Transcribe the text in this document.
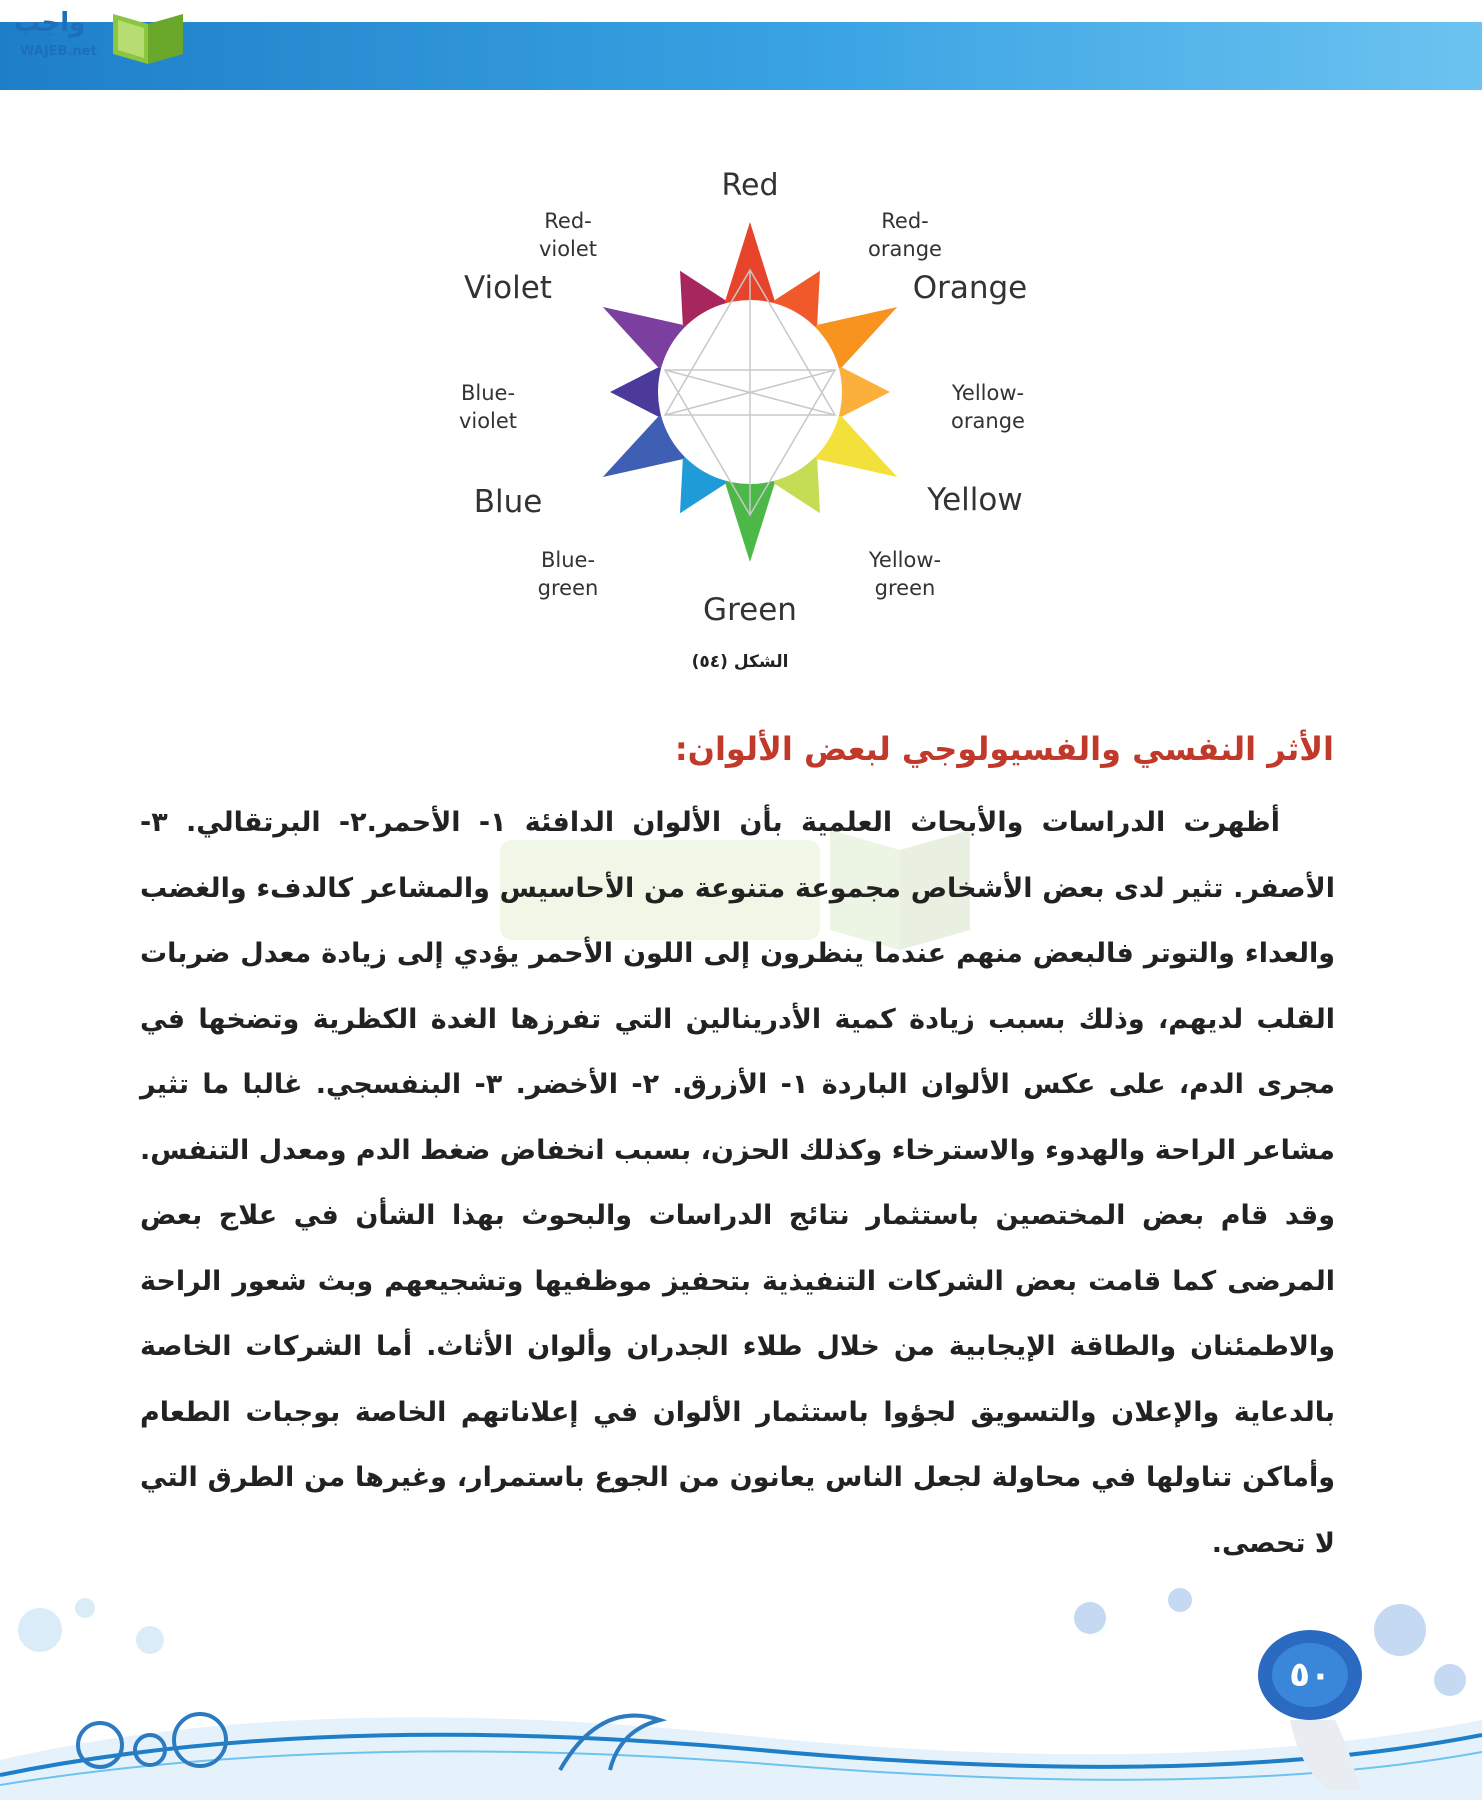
واجب
WAJEB.net
Red
Red-
orange
Orange
Yellow-
orange
Yellow
Yellow-
green
Green
Blue-
green
Blue
Blue-
violet
Violet
Red-
violet
الشكل (٥٤)
الأثر النفسي والفسيولوجي لبعض الألوان:

أظهرت الدراسات والأبحاث العلمية بأن الألوان الدافئة ١- الأحمر.٢- البرتقالي. ٣- الأصفر. تثير لدى بعض الأشخاص مجموعة متنوعة من الأحاسيس والمشاعر كالدفء والغضب والعداء والتوتر فالبعض منهم عندما ينظرون إلى اللون الأحمر يؤدي إلى زيادة معدل ضربات القلب لديهم، وذلك بسبب زيادة كمية الأدرينالين التي تفرزها الغدة الكظرية وتضخها في مجرى الدم، على عكس الألوان الباردة ١- الأزرق. ٢- الأخضر. ٣- البنفسجي. غالبا ما تثير مشاعر الراحة والهدوء والاسترخاء وكذلك الحزن، بسبب انخفاض ضغط الدم ومعدل التنفس. وقد قام بعض المختصين باستثمار نتائج الدراسات والبحوث بهذا الشأن في علاج بعض المرضى كما قامت بعض الشركات التنفيذية بتحفيز موظفيها وتشجيعهم وبث شعور الراحة والاطمئنان والطاقة الإيجابية من خلال طلاء الجدران وألوان الأثاث. أما الشركات الخاصة بالدعاية والإعلان والتسويق لجؤوا باستثمار الألوان في إعلاناتهم الخاصة بوجبات الطعام وأماكن تناولها في محاولة لجعل الناس يعانون من الجوع باستمرار، وغيرها من الطرق التي لا تحصى.

٥٠
